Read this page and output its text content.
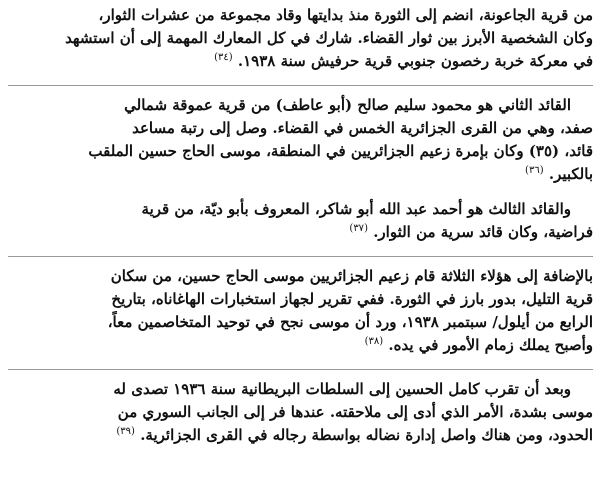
من قرية الجاعونة، انضم إلى الثورة منذ بدايتها وقاد مجموعة من عشرات الثوار،
وكان الشخصية الأبرز بين ثوار القضاء. شارك في كل المعارك المهمة إلى أن استشهد
في معركة خربة رخصون جنوبي قرية حرفيش سنة ١٩٣٨. $^{(٣٤)}$
القائد الثاني هو محمود سليم صالح (أبو عاطف) من قرية عموقة شمالي
صفد، وهي من القرى الجزائرية الخمس في القضاء. وصل إلى رتبة مساعد
قائد، (٣٥) وكان بإمرة زعيم الجزائريين في المنطقة، موسى الحاج حسين الملقب
بالكبير. $^{(٣٦)}$
والقائد الثالث هو أحمد عبد الله أبو شاكر، المعروف بأبو ديّة، من قرية
فراضية، وكان قائد سرية من الثوار. $^{(٣٧)}$
بالإضافة إلى هؤلاء الثلاثة قام زعيم الجزائريين موسى الحاج حسين، من سكان
قرية التليل، بدور بارز في الثورة. ففي تقرير لجهاز استخبارات الهاغاناه، بتاريخ
الرابع من أيلول/ سبتمبر ١٩٣٨، ورد أن موسى نجح في توحيد المتخاصمين معاً،
وأصبح يملك زمام الأمور في يده. $^{(٣٨)}$
وبعد أن تقرب كامل الحسين إلى السلطات البريطانية سنة ١٩٣٦ تصدى له
موسى بشدة، الأمر الذي أدى إلى ملاحقته. عندها فر إلى الجانب السوري من
الحدود، ومن هناك واصل إدارة نضاله بواسطة رجاله في القرى الجزائرية. $^{(٣٩)}$
